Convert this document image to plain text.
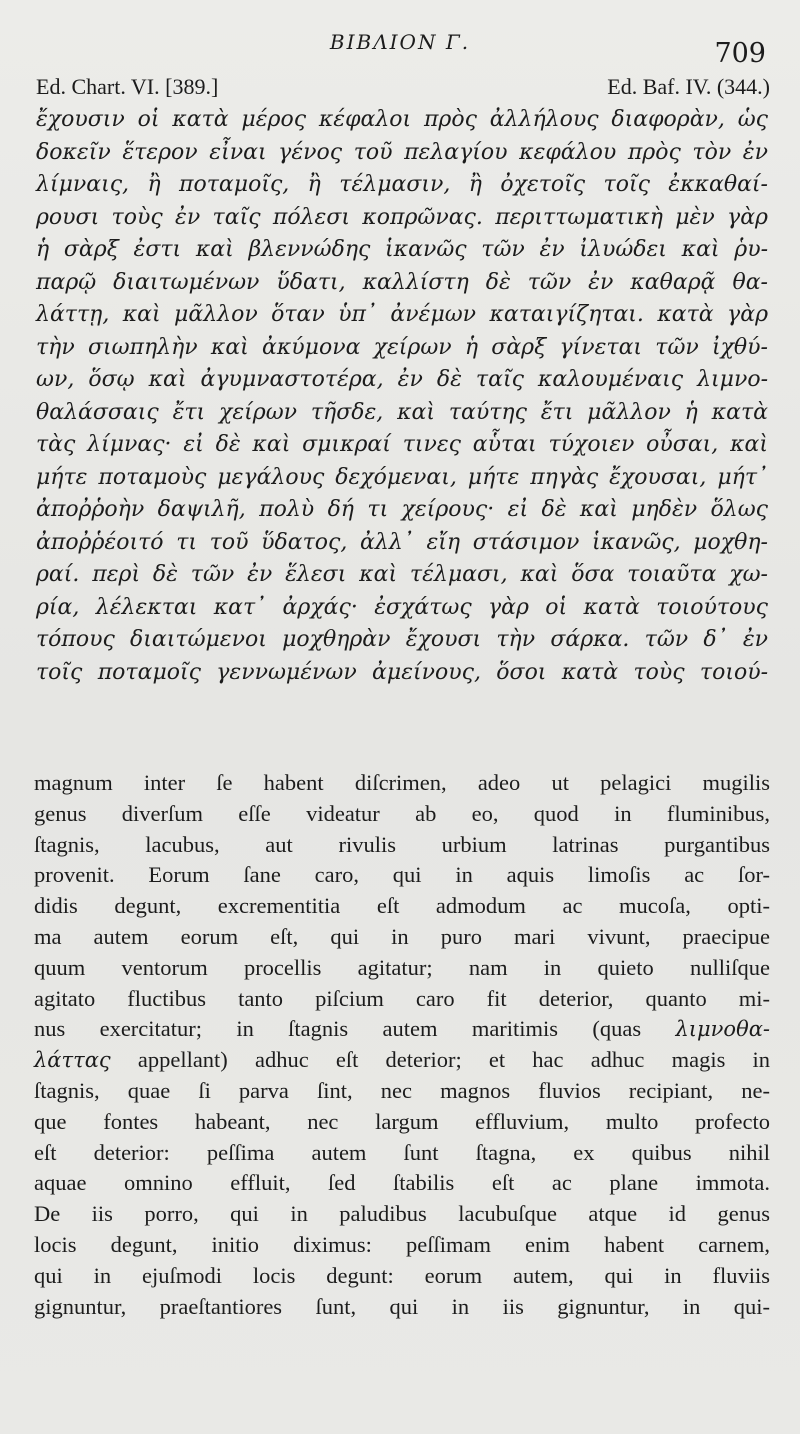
ΒΙΒΛΙΟΝ Γ.	709
Ed. Chart. VI. [389.]	Ed. Baf. IV. (344.)
ἔχουσιν οἱ κατὰ μέρος κέφαλοι πρὸς ἀλλήλους διαφορὰν, ὡς
δοκεῖν ἕτερον εἶναι γένος τοῦ πελαγίου κεφάλου πρὸς τὸν ἐν
λίμναις, ἢ ποταμοῖς, ἢ τέλμασιν, ἢ ὀχετοῖς τοῖς ἐκκαθαί-
ρουσι τοὺς ἐν ταῖς πόλεσι κοπρῶνας. περιττωματικὴ μὲν γὰρ
ἡ σὰρξ ἐστι καὶ βλεννώδης ἱκανῶς τῶν ἐν ἰλυώδει καὶ ῥυ-
παρῷ διαιτωμένων ὕδατι, καλλίστη δὲ τῶν ἐν καθαρᾷ θα-
λάττῃ, καὶ μᾶλλον ὅταν ὑπ᾿ ἀνέμων καταιγίζηται. κατὰ γὰρ
τὴν σιωπηλὴν καὶ ἀκύμονα χείρων ἡ σὰρξ γίνεται τῶν ἰχθύ-
ων, ὅσῳ καὶ ἀγυμναστοτέρα, ἐν δὲ ταῖς καλουμέναις λιμνο-
θαλάσσαις ἔτι χείρων τῆσδε, καὶ ταύτης ἔτι μᾶλλον ἡ κατὰ
τὰς λίμνας· εἰ δὲ καὶ σμικραί τινες αὗται τύχοιεν οὖσαι, καὶ
μήτε ποταμοὺς μεγάλους δεχόμεναι, μήτε πηγὰς ἔχουσαι, μήτ᾿
ἀποῤῥοὴν δαψιλῆ, πολὺ δή τι χείρους· εἰ δὲ καὶ μηδὲν ὅλως
ἀποῤῥέοιτό τι τοῦ ὕδατος, ἀλλ᾿ εἴη στάσιμον ἱκανῶς, μοχθη-
ραί. περὶ δὲ τῶν ἐν ἕλεσι καὶ τέλμασι, καὶ ὅσα τοιαῦτα χω-
ρία, λέλεκται κατ᾿ ἀρχάς· ἐσχάτως γὰρ οἱ κατὰ τοιούτους
τόπους διαιτώμενοι μοχθηρὰν ἔχουσι τὴν σάρκα. τῶν δ᾿ ἐν
τοῖς ποταμοῖς γεννωμένων ἀμείνους, ὅσοι κατὰ τοὺς τοιού-
magnum inter ſe habent diſcrimen, adeo ut pelagici mugilis
genus diverſum eſſe videatur ab eo, quod in fluminibus,
ſtagnis, lacubus, aut rivulis urbium latrinas purgantibus
provenit. Eorum ſane caro, qui in aquis limoſis ac ſor-
didis degunt, excrementitia eſt admodum ac mucoſa, opti-
ma autem eorum eſt, qui in puro mari vivunt, praecipue
quum ventorum procellis agitatur; nam in quieto nulliſque
agitato fluctibus tanto piſcium caro fit deterior, quanto mi-
nus exercitatur; in ſtagnis autem maritimis (quas λιμνοθα-
λάττας appellant) adhuc eſt deterior; et hac adhuc magis in
ſtagnis, quae ſi parva ſint, nec magnos fluvios recipiant, ne-
que fontes habeant, nec largum effluvium, multo profecto
eſt deterior: peſſima autem ſunt ſtagna, ex quibus nihil
aquae omnino effluit, ſed ſtabilis eſt ac plane immota.
De iis porro, qui in paludibus lacubuſque atque id genus
locis degunt, initio diximus: peſſimam enim habent carnem,
qui in ejuſmodi locis degunt: eorum autem, qui in fluviis
gignuntur, praeſtantiores ſunt, qui in iis gignuntur, in qui-
